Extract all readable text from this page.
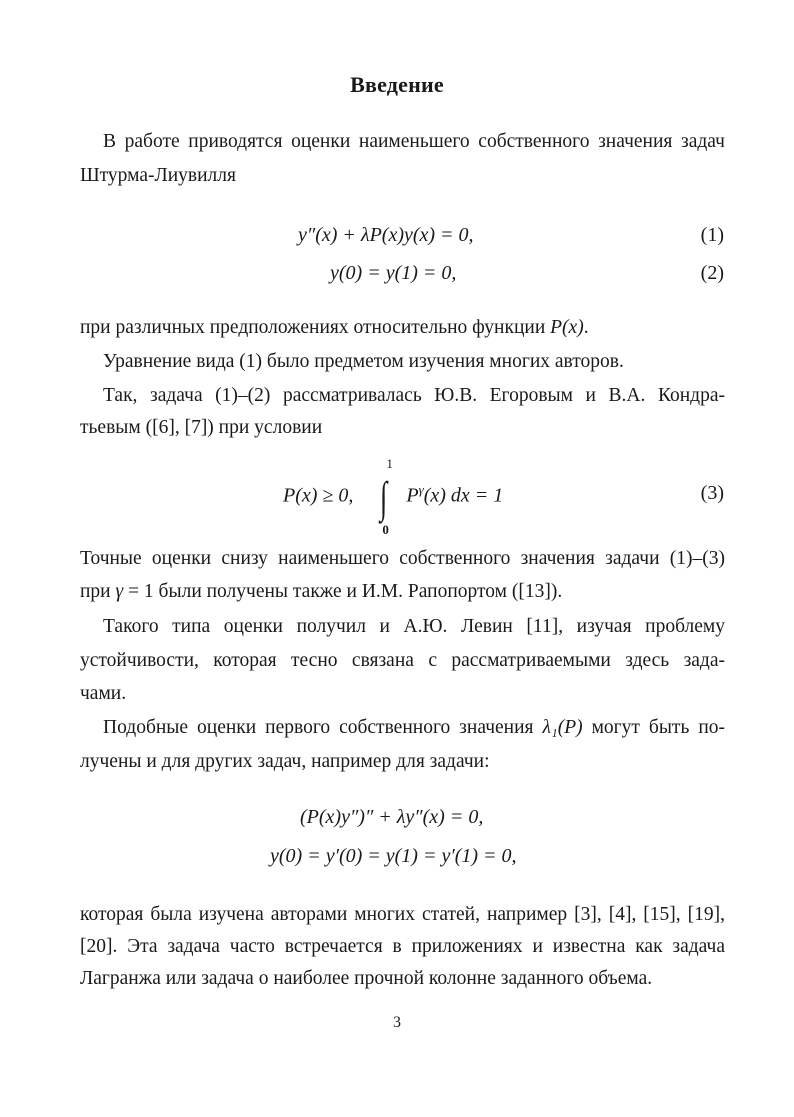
Введение
В работе приводятся оценки наименьшего собственного значения задач
Штурма-Лиувилля
y″(x) + λP(x)y(x) = 0,	(1)
y(0) = y(1) = 0,	(2)
при различных предположениях относительно функции P(x).
Уравнение вида (1) было предметом изучения многих авторов.
Так, задача (1)–(2) рассматривалась Ю.В. Егоровым и В.А. Кондра-
тьевым ([6], [7]) при условии
P(x) ≥ 0, ∫
1
0
$P^\gamma(x)$ dx = 1	(3)
Точные оценки снизу наименьшего собственного значения задачи (1)–(3)
при γ = 1 были получены также и И.М. Рапопортом ([13]).
Такого типа оценки получил и А.Ю. Левин [11], изучая проблему
устойчивости, которая тесно связана с рассматриваемыми здесь зада-
чами.
Подобные оценки первого собственного значения λ₁(P) могут быть по-
лучены и для других задач, например для задачи:
(P(x)y″)″ + λy″(x) = 0,
y(0) = y′(0) = y(1) = y′(1) = 0,
которая была изучена авторами многих статей, например [3], [4], [15], [19],
[20]. Эта задача часто встречается в приложениях и известна как задача
Лагранжа или задача о наиболее прочной колонне заданного объема.
3
